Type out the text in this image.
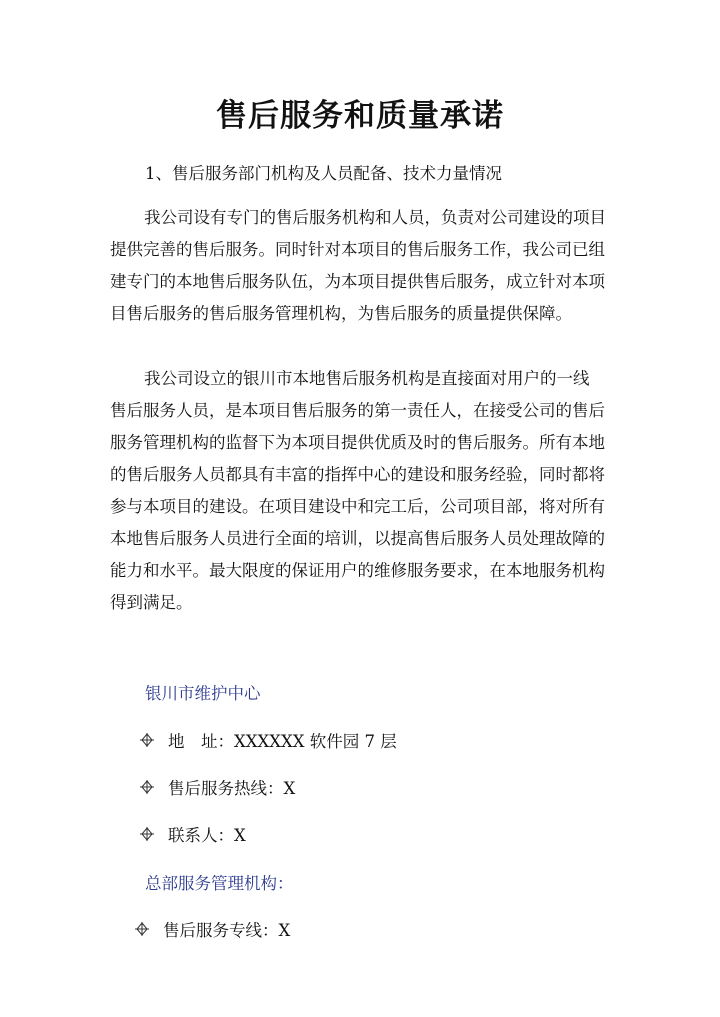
售后服务和质量承诺
1、售后服务部门机构及人员配备、技术力量情况
我公司设有专门的售后服务机构和人员，负责对公司建设的项目
提供完善的售后服务。同时针对本项目的售后服务工作，我公司已组
建专门的本地售后服务队伍，为本项目提供售后服务，成立针对本项
目售后服务的售后服务管理机构，为售后服务的质量提供保障。
我公司设立的银川市本地售后服务机构是直接面对用户的一线
售后服务人员，是本项目售后服务的第一责任人，在接受公司的售后
服务管理机构的监督下为本项目提供优质及时的售后服务。所有本地
的售后服务人员都具有丰富的指挥中心的建设和服务经验，同时都将
参与本项目的建设。在项目建设中和完工后，公司项目部，将对所有
本地售后服务人员进行全面的培训，以提高售后服务人员处理故障的
能力和水平。最大限度的保证用户的维修服务要求，在本地服务机构
得到满足。
银川市维护中心
地　址：XXXXXX 软件园 7 层
售后服务热线：X
联系人：X
总部服务管理机构：
售后服务专线：X
